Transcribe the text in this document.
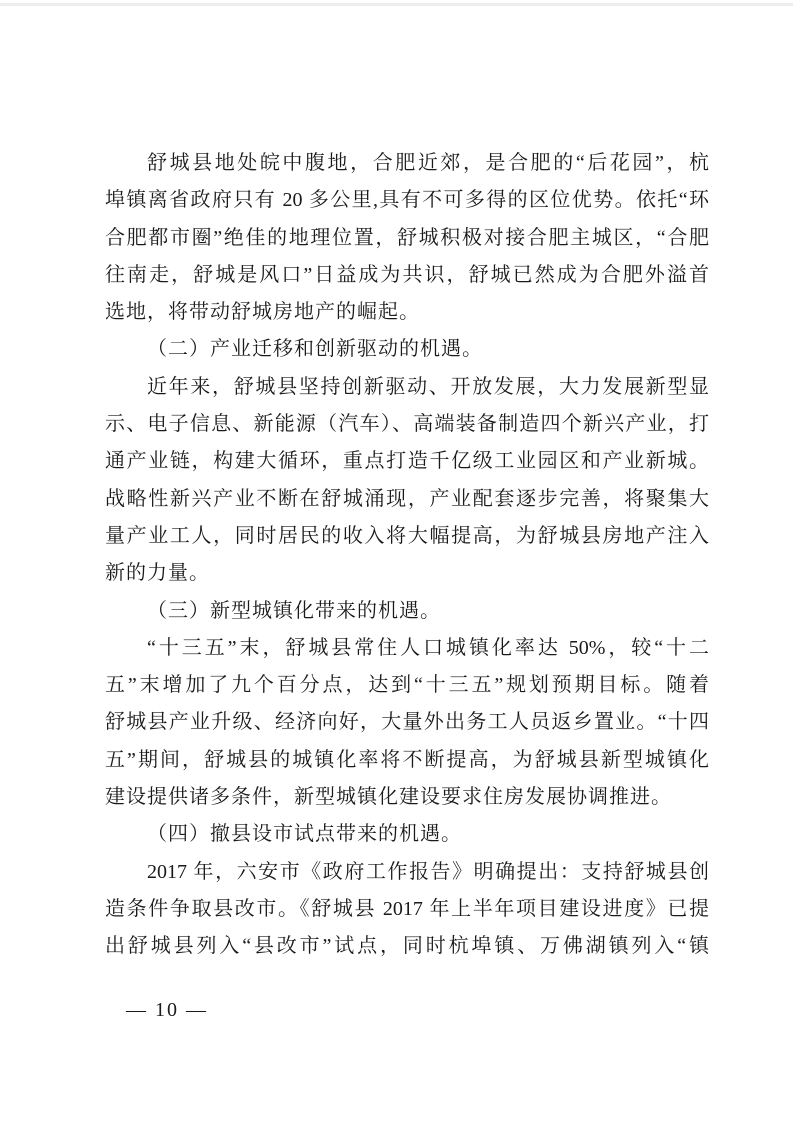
舒城县地处皖中腹地，合肥近郊，是合肥的“后花园”，杭
埠镇离省政府只有 20 多公里,具有不可多得的区位优势。依托“环
合肥都市圈”绝佳的地理位置，舒城积极对接合肥主城区，“合肥
往南走，舒城是风口”日益成为共识，舒城已然成为合肥外溢首
选地，将带动舒城房地产的崛起。
（二）产业迁移和创新驱动的机遇。
近年来，舒城县坚持创新驱动、开放发展，大力发展新型显
示、电子信息、新能源（汽车）、高端装备制造四个新兴产业，打
通产业链，构建大循环，重点打造千亿级工业园区和产业新城。
战略性新兴产业不断在舒城涌现，产业配套逐步完善，将聚集大
量产业工人，同时居民的收入将大幅提高，为舒城县房地产注入
新的力量。
（三）新型城镇化带来的机遇。
“十三五”末，舒城县常住人口城镇化率达 50%，较“十二
五”末增加了九个百分点，达到“十三五”规划预期目标。随着
舒城县产业升级、经济向好，大量外出务工人员返乡置业。“十四
五”期间，舒城县的城镇化率将不断提高，为舒城县新型城镇化
建设提供诸多条件，新型城镇化建设要求住房发展协调推进。
（四）撤县设市试点带来的机遇。
2017 年，六安市《政府工作报告》明确提出：支持舒城县创
造条件争取县改市。《舒城县 2017 年上半年项目建设进度》已提
出舒城县列入“县改市”试点，同时杭埠镇、万佛湖镇列入“镇
— 10 —
